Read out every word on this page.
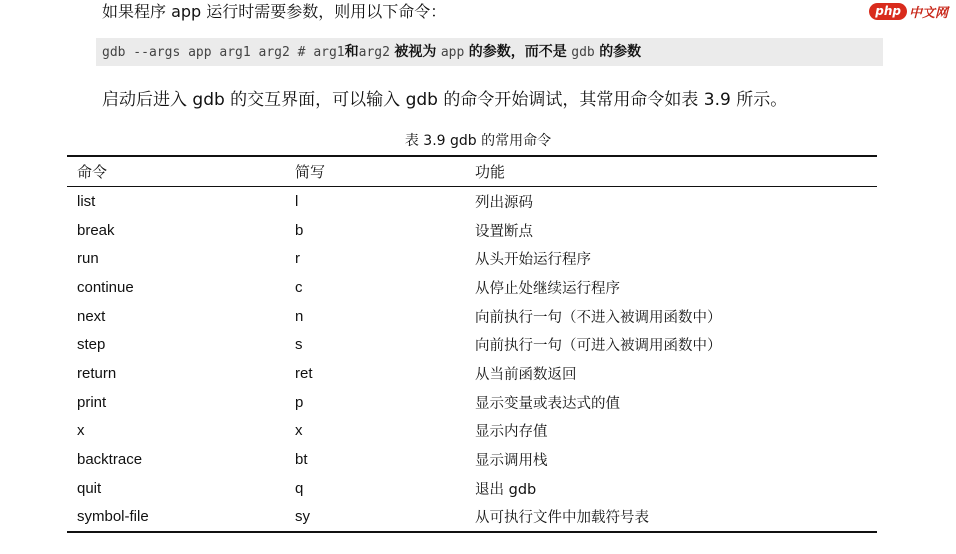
php 中文网
如果程序 app 运行时需要参数，则用以下命令：
gdb --args app arg1 arg2 # arg1和arg2 被视为 app 的参数，而不是 gdb 的参数
启动后进入 gdb 的交互界面，可以输入 gdb 的命令开始调试，其常用命令如表 3.9 所示。
表 3.9 gdb 的常用命令
命令	简写	功能
list	l	列出源码
break	b	设置断点
run	r	从头开始运行程序
continue	c	从停止处继续运行程序
next	n	向前执行一句（不进入被调用函数中）
step	s	向前执行一句（可进入被调用函数中）
return	ret	从当前函数返回
print	p	显示变量或表达式的值
x	x	显示内存值
backtrace	bt	显示调用栈
quit	q	退出 gdb
symbol-file	sy	从可执行文件中加载符号表
